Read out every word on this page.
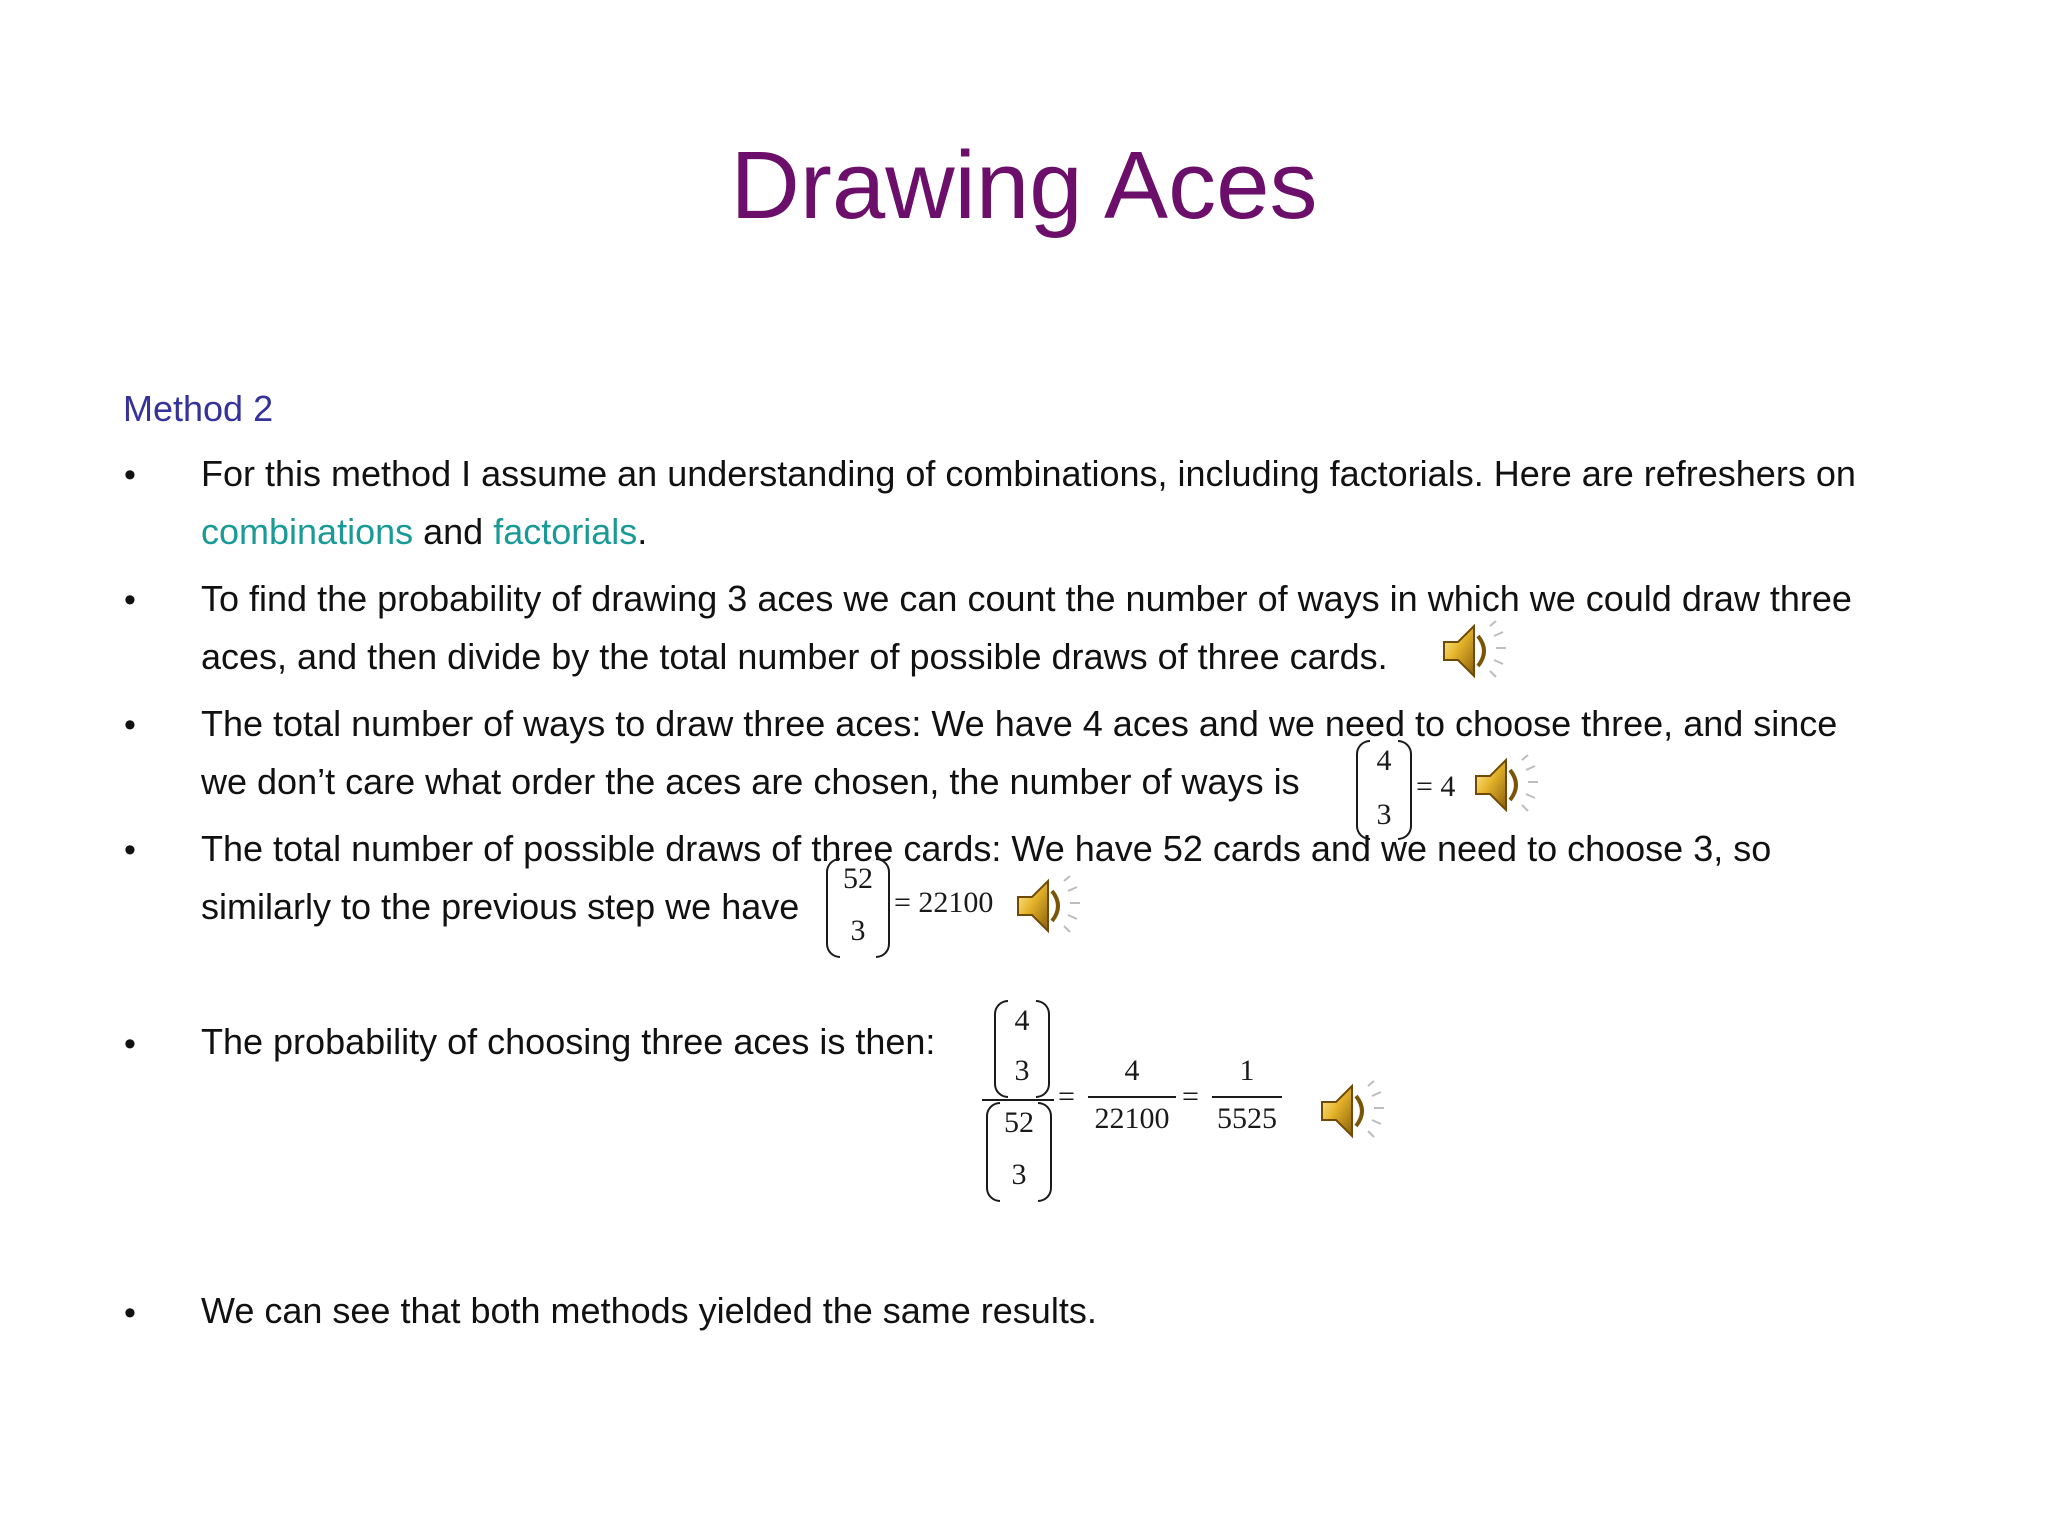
Drawing Aces
Method 2
• For this method I assume an understanding of combinations, including factorials. Here are refreshers on
combinations and factorials.
• To find the probability of drawing 3 aces we can count the number of ways in which we could draw three
aces, and then divide by the total number of possible draws of three cards.
• The total number of ways to draw three aces: We have 4 aces and we need to choose three, and since
we don’t care what order the aces are chosen, the number of ways is
4
3
= 4
• The total number of possible draws of three cards: We have 52 cards and we need to choose 3, so
similarly to the previous step we have
52
3
= 22100
• The probability of choosing three aces is then:
4
3
52
3
=
4
22100
=
1
5525
• We can see that both methods yielded the same results.
